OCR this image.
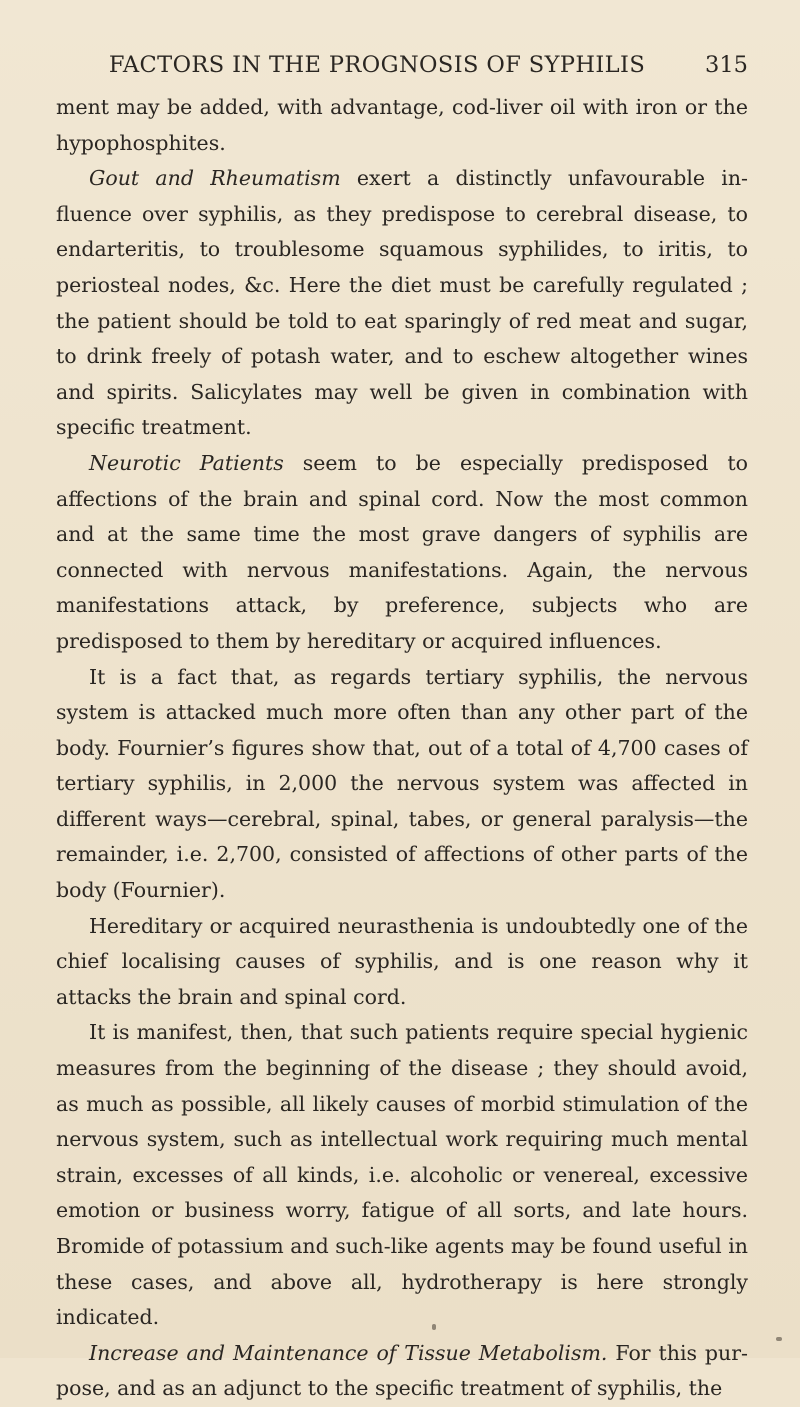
FACTORS IN THE PROGNOSIS OF SYPHILIS	315

ment may be added, with advantage, cod-liver oil with iron or the hypophosphites.

Gout and Rheumatism exert a distinctly unfavourable in- fluence over syphilis, as they predispose to cerebral disease, to endarteritis, to troublesome squamous syphilides, to iritis, to periosteal nodes, &c. Here the diet must be carefully regulated ; the patient should be told to eat sparingly of red meat and sugar, to drink freely of potash water, and to eschew altogether wines and spirits. Salicylates may well be given in combination with specific treatment.

Neurotic Patients seem to be especially predisposed to affections of the brain and spinal cord. Now the most common and at the same time the most grave dangers of syphilis are connected with nervous manifestations. Again, the nervous manifestations attack, by preference, subjects who are predisposed to them by hereditary or acquired influences.

It is a fact that, as regards tertiary syphilis, the nervous system is attacked much more often than any other part of the body. Fournier’s figures show that, out of a total of 4,700 cases of tertiary syphilis, in 2,000 the nervous system was affected in different ways—cerebral, spinal, tabes, or general paralysis—the remainder, i.e. 2,700, consisted of affections of other parts of the body (Fournier).

Hereditary or acquired neurasthenia is undoubtedly one of the chief localising causes of syphilis, and is one reason why it attacks the brain and spinal cord.

It is manifest, then, that such patients require special hygienic measures from the beginning of the disease ; they should avoid, as much as possible, all likely causes of morbid stimulation of the nervous system, such as intellectual work requiring much mental strain, excesses of all kinds, i.e. alcoholic or venereal, excessive emotion or business worry, fatigue of all sorts, and late hours. Bromide of potassium and such-like agents may be found useful in these cases, and above all, hydrotherapy is here strongly indicated.

Increase and Maintenance of Tissue Metabolism. For this pur- pose, and as an adjunct to the specific treatment of syphilis, the
